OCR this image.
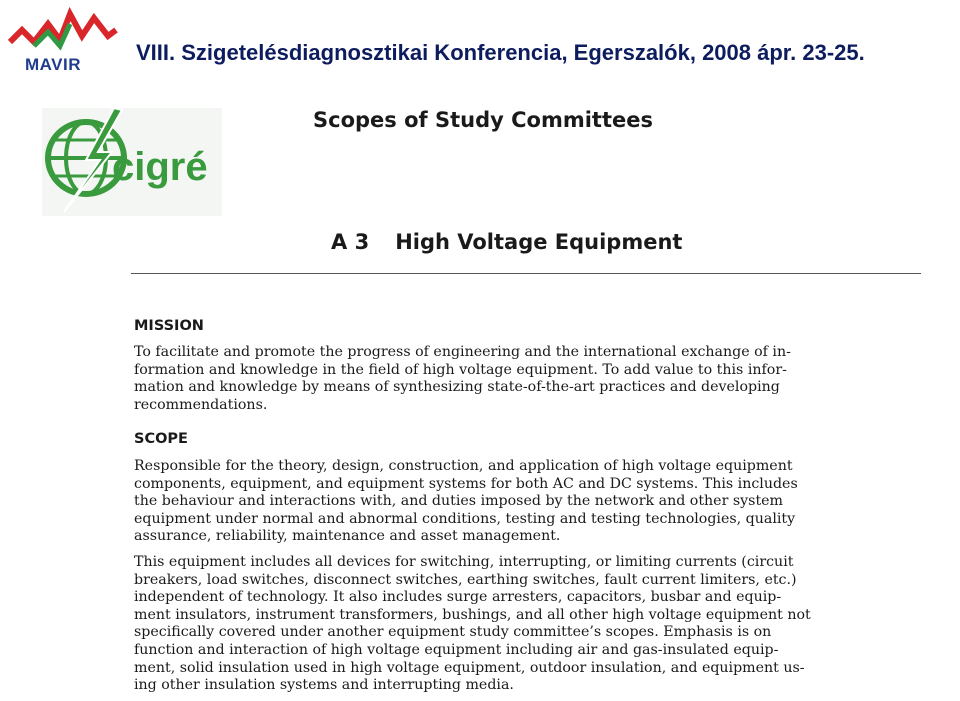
MAVIR VIII. Szigetelésdiagnosztikai Konferencia, Egerszalók, 2008 ápr. 23-25.
cigré
Scopes of Study Committees
A 3 High Voltage Equipment
MISSION
To facilitate and promote the progress of engineering and the international exchange of in-
formation and knowledge in the field of high voltage equipment. To add value to this infor-
mation and knowledge by means of synthesizing state-of-the-art practices and developing
recommendations.
SCOPE
Responsible for the theory, design, construction, and application of high voltage equipment
components, equipment, and equipment systems for both AC and DC systems. This includes
the behaviour and interactions with, and duties imposed by the network and other system
equipment under normal and abnormal conditions, testing and testing technologies, quality
assurance, reliability, maintenance and asset management.
This equipment includes all devices for switching, interrupting, or limiting currents (circuit
breakers, load switches, disconnect switches, earthing switches, fault current limiters, etc.)
independent of technology. It also includes surge arresters, capacitors, busbar and equip-
ment insulators, instrument transformers, bushings, and all other high voltage equipment not
specifically covered under another equipment study committee’s scopes. Emphasis is on
function and interaction of high voltage equipment including air and gas-insulated equip-
ment, solid insulation used in high voltage equipment, outdoor insulation, and equipment us-
ing other insulation systems and interrupting media.
